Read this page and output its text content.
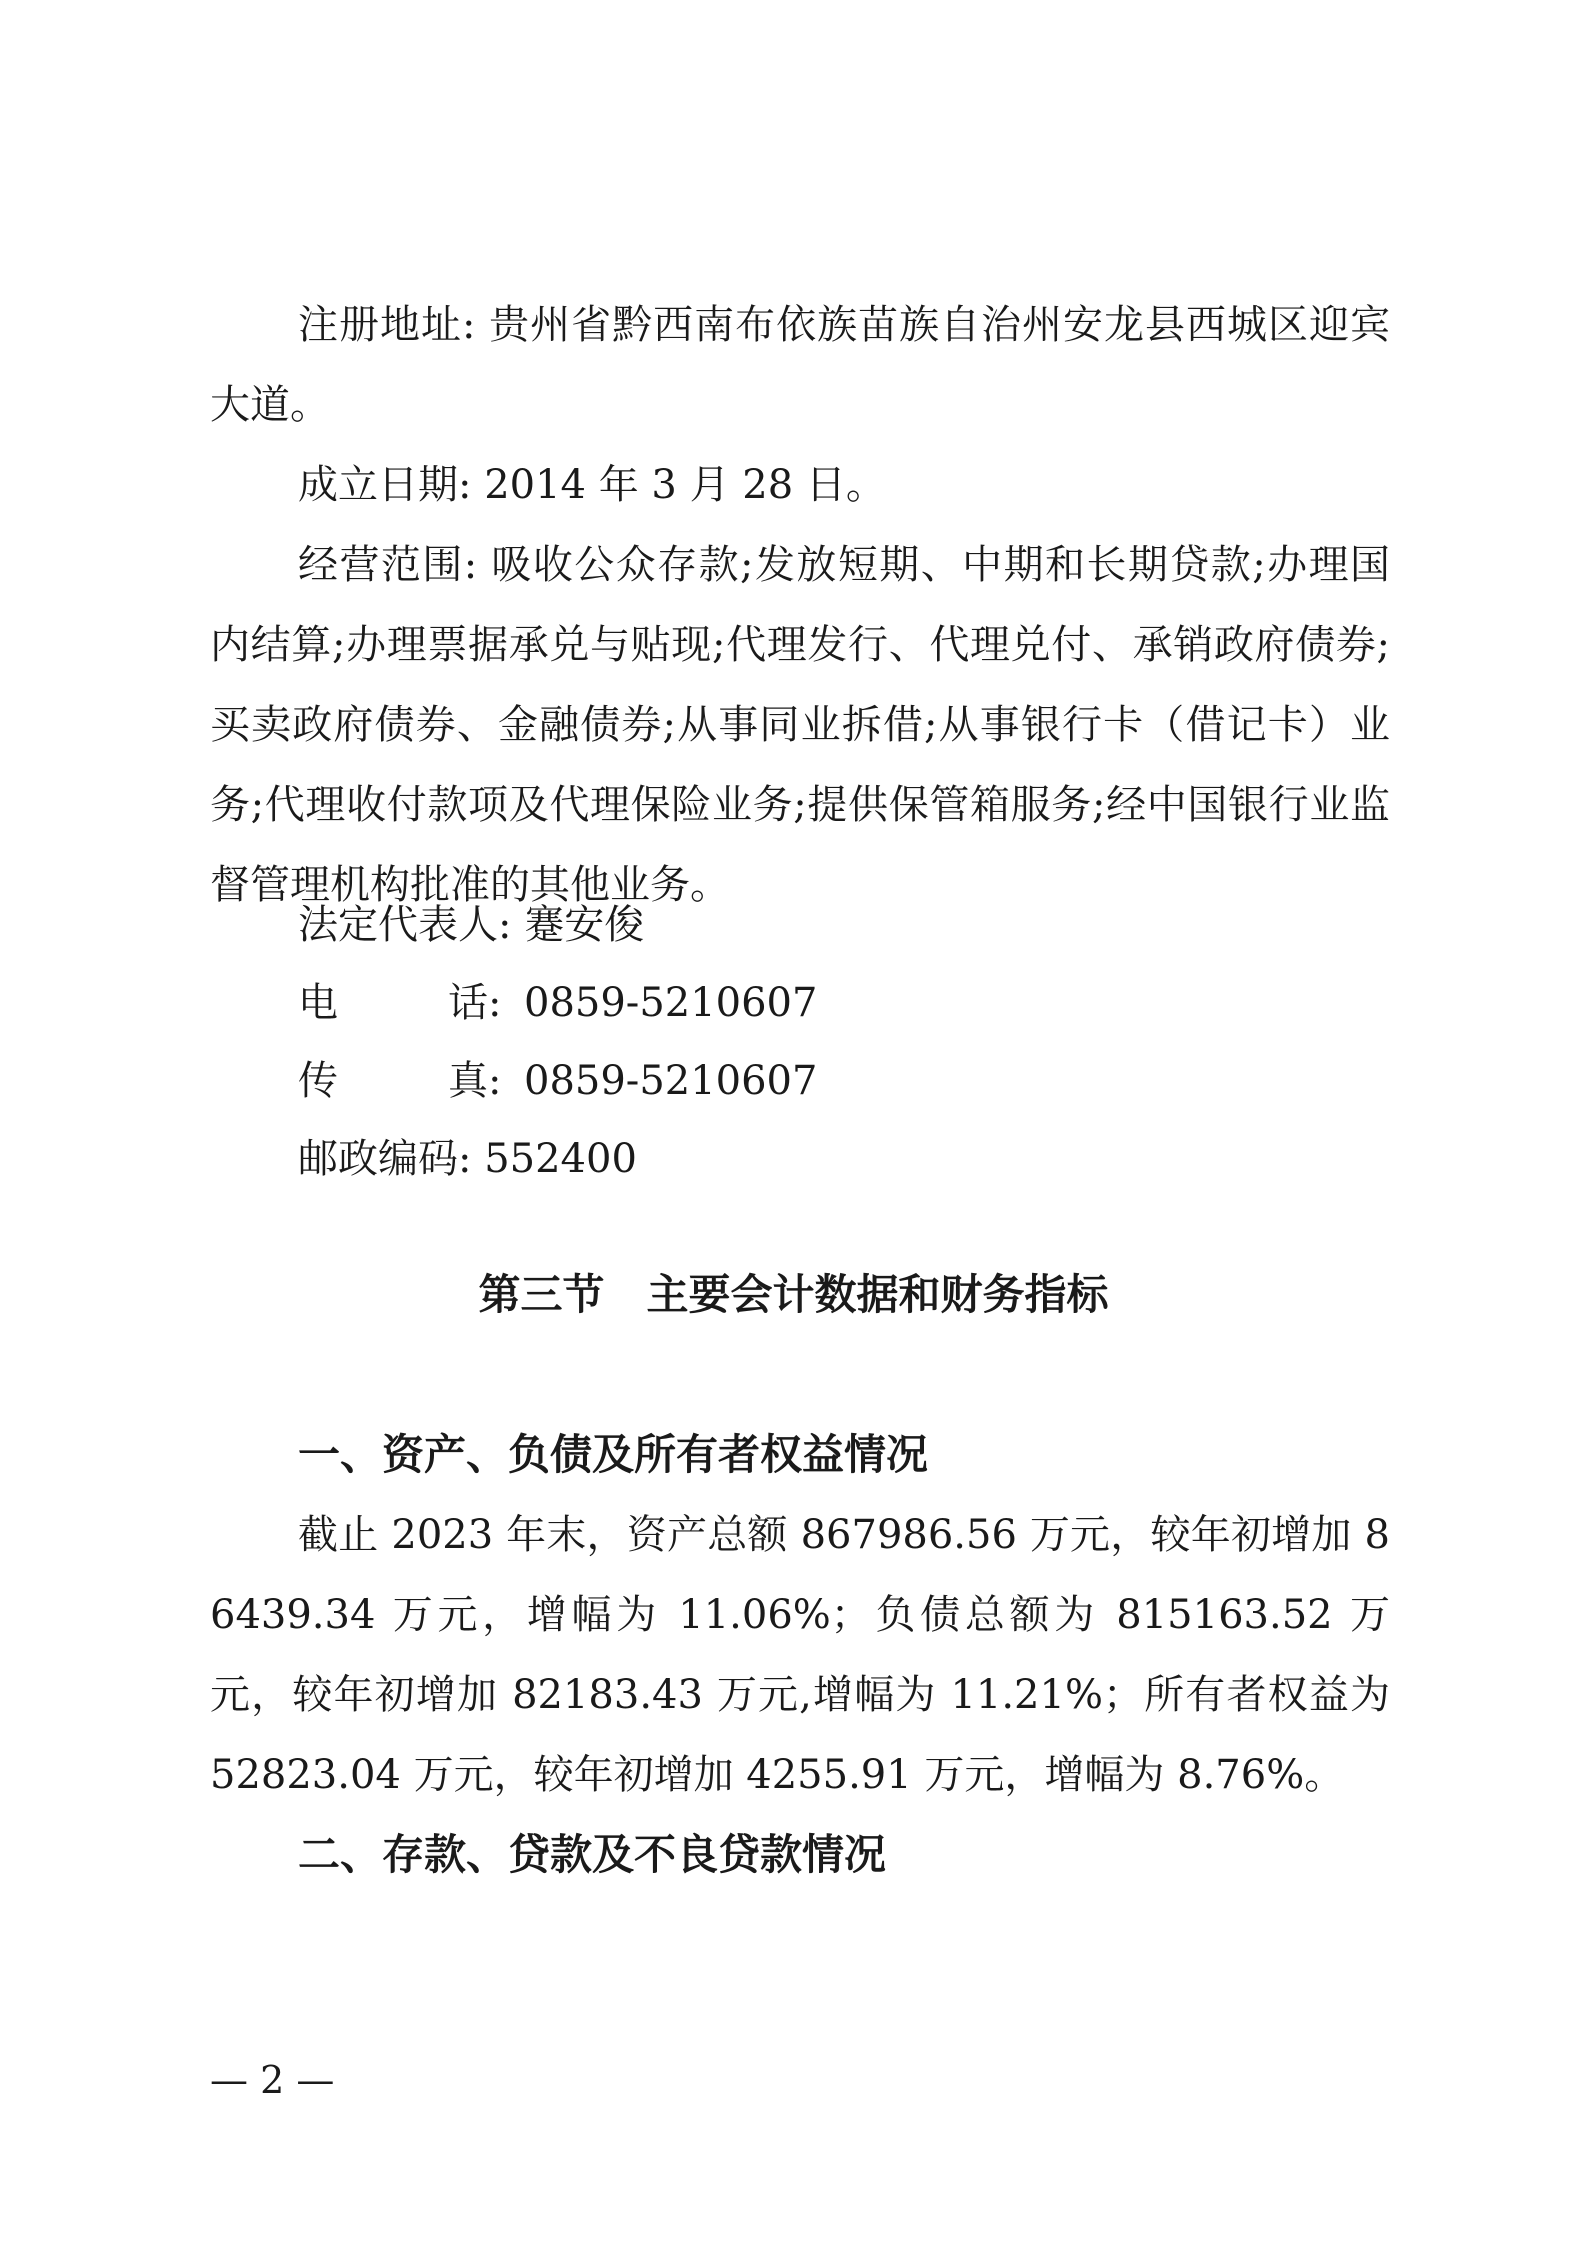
注册地址: 贵州省黔西南布依族苗族自治州安龙县西城区迎宾大道。

成立日期: 2014 年 3 月 28 日。

经营范围: 吸收公众存款;发放短期、中期和长期贷款;办理国内结算;办理票据承兑与贴现;代理发行、代理兑付、承销政府债券;买卖政府债券、金融债券;从事同业拆借;从事银行卡（借记卡）业务;代理收付款项及代理保险业务;提供保管箱服务;经中国银行业监督管理机构批准的其他业务。

法定代表人: 蹇安俊

电话: 0859-5210607
传真: 0859-5210607

邮政编码: 552400

第三节　主要会计数据和财务指标
一、资产、负债及所有者权益情况

截止 2023 年末，资产总额 867986.56 万元，较年初增加 86439.34 万元，增幅为 11.06%；负债总额为 815163.52 万元，较年初增加 82183.43 万元,增幅为 11.21%；所有者权益为 52823.04 万元，较年初增加 4255.91 万元，增幅为 8.76%。

二、存款、贷款及不良贷款情况
— 2 —
